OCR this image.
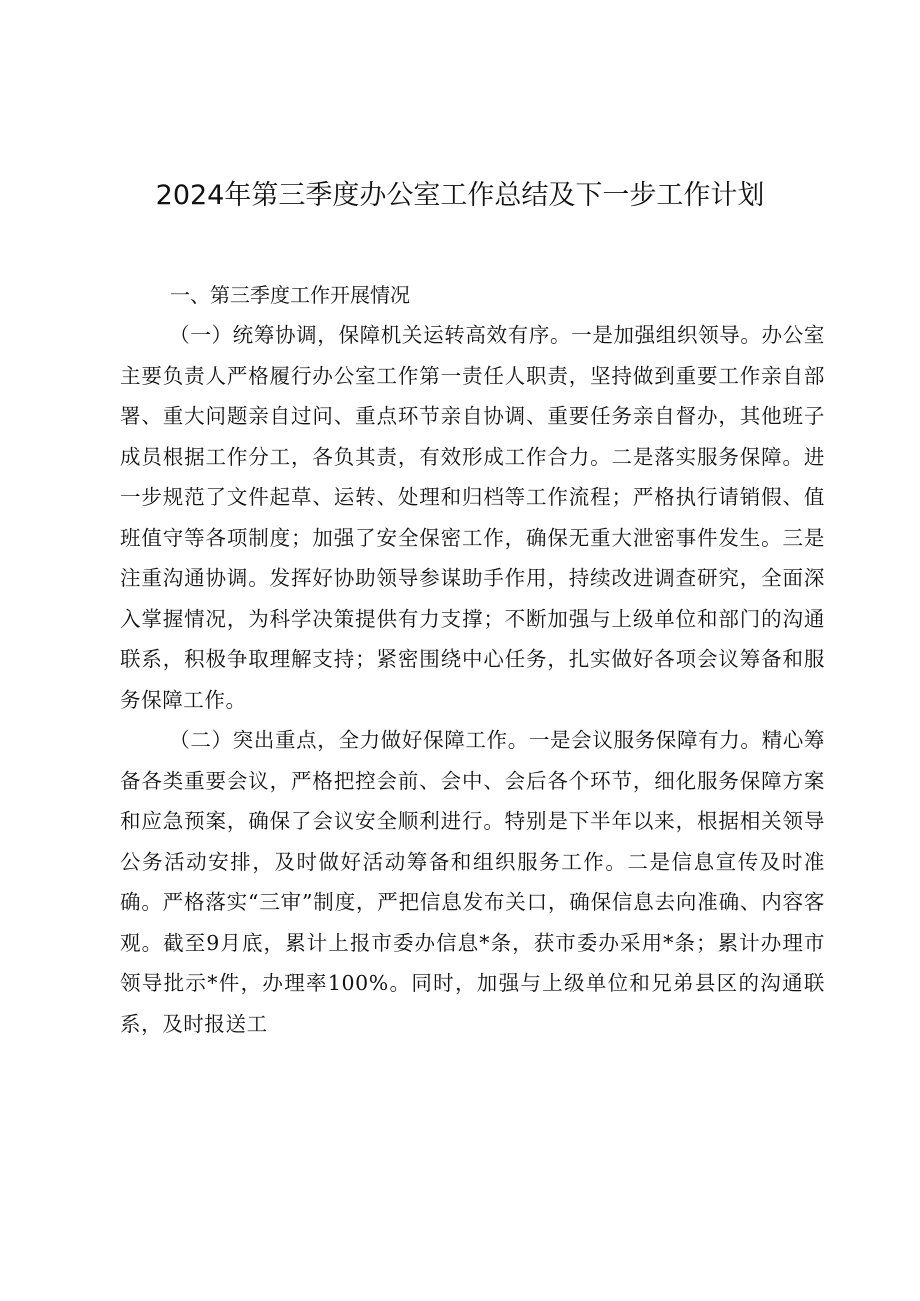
2024年第三季度办公室工作总结及下一步工作计划

一、第三季度工作开展情况

（一）统筹协调，保障机关运转高效有序。一是加强组织领导。办公室主要负责人严格履行办公室工作第一责任人职责，坚持做到重要工作亲自部署、重大问题亲自过问、重点环节亲自协调、重要任务亲自督办，其他班子成员根据工作分工，各负其责，有效形成工作合力。二是落实服务保障。进一步规范了文件起草、运转、处理和归档等工作流程；严格执行请销假、值班值守等各项制度；加强了安全保密工作，确保无重大泄密事件发生。三是注重沟通协调。发挥好协助领导参谋助手作用，持续改进调查研究，全面深入掌握情况，为科学决策提供有力支撑；不断加强与上级单位和部门的沟通联系，积极争取理解支持；紧密围绕中心任务，扎实做好各项会议筹备和服务保障工作。

（二）突出重点，全力做好保障工作。一是会议服务保障有力。精心筹备各类重要会议，严格把控会前、会中、会后各个环节，细化服务保障方案和应急预案，确保了会议安全顺利进行。特别是下半年以来，根据相关领导公务活动安排，及时做好活动筹备和组织服务工作。二是信息宣传及时准确。严格落实“三审”制度，严把信息发布关口，确保信息去向准确、内容客观。截至9月底，累计上报市委办信息*条，获市委办采用*条；累计办理市领导批示*件，办理率100%。同时，加强与上级单位和兄弟县区的沟通联系，及时报送工
